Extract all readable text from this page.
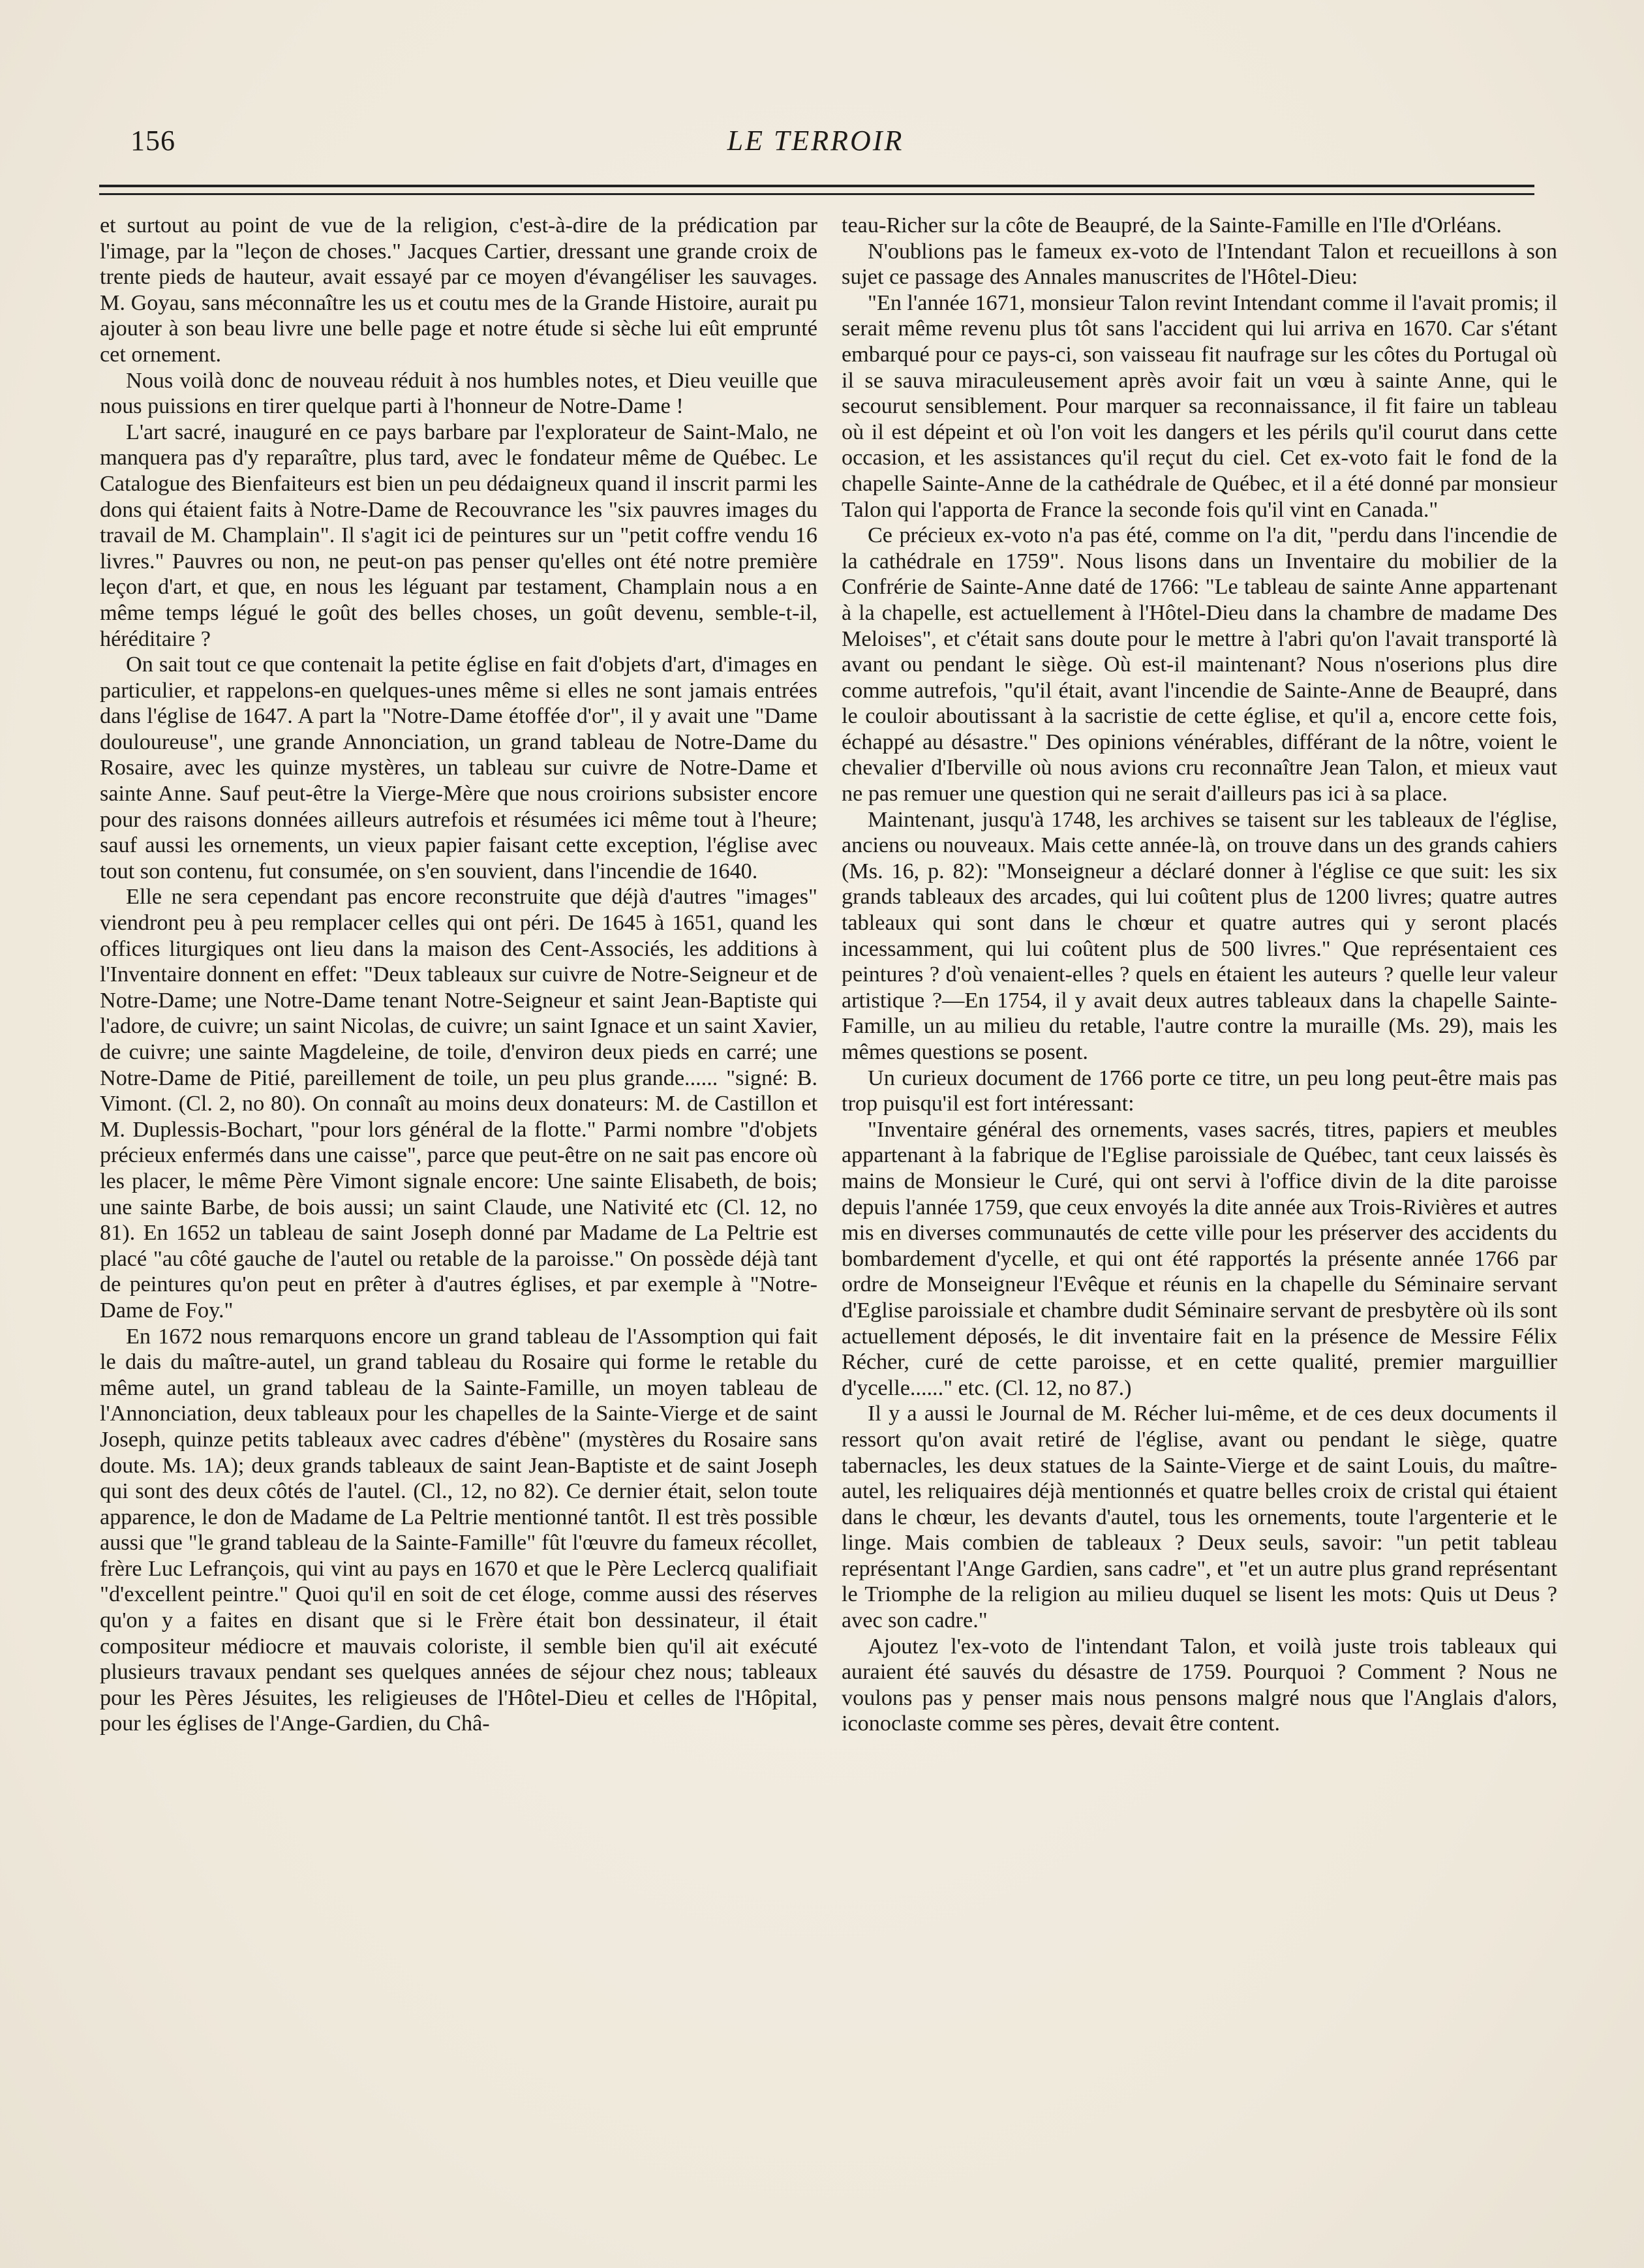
156	LE TERROIR

et surtout au point de vue de la religion, c'est-à-dire de la prédication par l'image, par la "leçon de choses." Jacques Cartier, dressant une grande croix de trente pieds de hauteur, avait essayé par ce moyen d'évangéliser les sauvages. M. Goyau, sans méconnaître les us et coutu mes de la Grande Histoire, aurait pu ajouter à son beau livre une belle page et notre étude si sèche lui eût emprunté cet ornement.

Nous voilà donc de nouveau réduit à nos humbles notes, et Dieu veuille que nous puissions en tirer quelque parti à l'honneur de Notre-Dame !

L'art sacré, inauguré en ce pays barbare par l'explorateur de Saint-Malo, ne manquera pas d'y reparaître, plus tard, avec le fondateur même de Québec. Le Catalogue des Bienfaiteurs est bien un peu dédaigneux quand il inscrit parmi les dons qui étaient faits à Notre-Dame de Recouvrance les "six pauvres images du travail de M. Champlain". Il s'agit ici de peintures sur un "petit coffre vendu 16 livres." Pauvres ou non, ne peut-on pas penser qu'elles ont été notre première leçon d'art, et que, en nous les léguant par testament, Champlain nous a en même temps légué le goût des belles choses, un goût devenu, semble-t-il, héréditaire ?

On sait tout ce que contenait la petite église en fait d'objets d'art, d'images en particulier, et rappelons-en quelques-unes même si elles ne sont jamais entrées dans l'église de 1647. A part la "Notre-Dame étoffée d'or", il y avait une "Dame douloureuse", une grande Annonciation, un grand tableau de Notre-Dame du Rosaire, avec les quinze mystères, un tableau sur cuivre de Notre-Dame et sainte Anne. Sauf peut-être la Vierge-Mère que nous croirions subsister encore pour des raisons données ailleurs autrefois et résumées ici même tout à l'heure; sauf aussi les ornements, un vieux papier faisant cette exception, l'église avec tout son contenu, fut consumée, on s'en souvient, dans l'incendie de 1640.

Elle ne sera cependant pas encore reconstruite que déjà d'autres "images" viendront peu à peu remplacer celles qui ont péri. De 1645 à 1651, quand les offices liturgiques ont lieu dans la maison des Cent-Associés, les additions à l'Inventaire donnent en effet: "Deux tableaux sur cuivre de Notre-Seigneur et de Notre-Dame; une Notre-Dame tenant Notre-Seigneur et saint Jean-Baptiste qui l'adore, de cuivre; un saint Nicolas, de cuivre; un saint Ignace et un saint Xavier, de cuivre; une sainte Magdeleine, de toile, d'environ deux pieds en carré; une Notre-Dame de Pitié, pareillement de toile, un peu plus grande...... "signé: B. Vimont. (Cl. 2, no 80). On connaît au moins deux donateurs: M. de Castillon et M. Duplessis-Bochart, "pour lors général de la flotte." Parmi nombre "d'objets précieux enfermés dans une caisse", parce que peut-être on ne sait pas encore où les placer, le même Père Vimont signale encore: Une sainte Elisabeth, de bois; une sainte Barbe, de bois aussi; un saint Claude, une Nativité etc (Cl. 12, no 81). En 1652 un tableau de saint Joseph donné par Madame de La Peltrie est placé "au côté gauche de l'autel ou retable de la paroisse." On possède déjà tant de peintures qu'on peut en prêter à d'autres églises, et par exemple à "Notre-Dame de Foy."

En 1672 nous remarquons encore un grand tableau de l'Assomption qui fait le dais du maître-autel, un grand tableau du Rosaire qui forme le retable du même autel, un grand tableau de la Sainte-Famille, un moyen tableau de l'Annonciation, deux tableaux pour les chapelles de la Sainte-Vierge et de saint Joseph, quinze petits tableaux avec cadres d'ébène" (mystères du Rosaire sans doute. Ms. 1A); deux grands tableaux de saint Jean-Baptiste et de saint Joseph qui sont des deux côtés de l'autel. (Cl., 12, no 82). Ce dernier était, selon toute apparence, le don de Madame de La Peltrie mentionné tantôt. Il est très possible aussi que "le grand tableau de la Sainte-Famille" fût l'œuvre du fameux récollet, frère Luc Lefrançois, qui vint au pays en 1670 et que le Père Leclercq qualifiait "d'excellent peintre." Quoi qu'il en soit de cet éloge, comme aussi des réserves qu'on y a faites en disant que si le Frère était bon dessinateur, il était compositeur médiocre et mauvais coloriste, il semble bien qu'il ait exécuté plusieurs travaux pendant ses quelques années de séjour chez nous; tableaux pour les Pères Jésuites, les religieuses de l'Hôtel-Dieu et celles de l'Hôpital, pour les églises de l'Ange-Gardien, du Châ-

teau-Richer sur la côte de Beaupré, de la Sainte-Famille en l'Ile d'Orléans.

N'oublions pas le fameux ex-voto de l'Intendant Talon et recueillons à son sujet ce passage des Annales manuscrites de l'Hôtel-Dieu:

"En l'année 1671, monsieur Talon revint Intendant comme il l'avait promis; il serait même revenu plus tôt sans l'accident qui lui arriva en 1670. Car s'étant embarqué pour ce pays-ci, son vaisseau fit naufrage sur les côtes du Portugal où il se sauva miraculeusement après avoir fait un vœu à sainte Anne, qui le secourut sensiblement. Pour marquer sa reconnaissance, il fit faire un tableau où il est dépeint et où l'on voit les dangers et les périls qu'il courut dans cette occasion, et les assistances qu'il reçut du ciel. Cet ex-voto fait le fond de la chapelle Sainte-Anne de la cathédrale de Québec, et il a été donné par monsieur Talon qui l'apporta de France la seconde fois qu'il vint en Canada."

Ce précieux ex-voto n'a pas été, comme on l'a dit, "perdu dans l'incendie de la cathédrale en 1759". Nous lisons dans un Inventaire du mobilier de la Confrérie de Sainte-Anne daté de 1766: "Le tableau de sainte Anne appartenant à la chapelle, est actuellement à l'Hôtel-Dieu dans la chambre de madame Des Meloises", et c'était sans doute pour le mettre à l'abri qu'on l'avait transporté là avant ou pendant le siège. Où est-il maintenant? Nous n'oserions plus dire comme autrefois, "qu'il était, avant l'incendie de Sainte-Anne de Beaupré, dans le couloir aboutissant à la sacristie de cette église, et qu'il a, encore cette fois, échappé au désastre." Des opinions vénérables, différant de la nôtre, voient le chevalier d'Iberville où nous avions cru reconnaître Jean Talon, et mieux vaut ne pas remuer une question qui ne serait d'ailleurs pas ici à sa place.

Maintenant, jusqu'à 1748, les archives se taisent sur les tableaux de l'église, anciens ou nouveaux. Mais cette année-là, on trouve dans un des grands cahiers (Ms. 16, p. 82): "Monseigneur a déclaré donner à l'église ce que suit: les six grands tableaux des arcades, qui lui coûtent plus de 1200 livres; quatre autres tableaux qui sont dans le chœur et quatre autres qui y seront placés incessamment, qui lui coûtent plus de 500 livres." Que représentaient ces peintures ? d'où venaient-elles ? quels en étaient les auteurs ? quelle leur valeur artistique ?—En 1754, il y avait deux autres tableaux dans la chapelle Sainte-Famille, un au milieu du retable, l'autre contre la muraille (Ms. 29), mais les mêmes questions se posent.

Un curieux document de 1766 porte ce titre, un peu long peut-être mais pas trop puisqu'il est fort intéressant:

"Inventaire général des ornements, vases sacrés, titres, papiers et meubles appartenant à la fabrique de l'Eglise paroissiale de Québec, tant ceux laissés ès mains de Monsieur le Curé, qui ont servi à l'office divin de la dite paroisse depuis l'année 1759, que ceux envoyés la dite année aux Trois-Rivières et autres mis en diverses communautés de cette ville pour les préserver des accidents du bombardement d'ycelle, et qui ont été rapportés la présente année 1766 par ordre de Monseigneur l'Evêque et réunis en la chapelle du Séminaire servant d'Eglise paroissiale et chambre dudit Séminaire servant de presbytère où ils sont actuellement déposés, le dit inventaire fait en la présence de Messire Félix Récher, curé de cette paroisse, et en cette qualité, premier marguillier d'ycelle......" etc. (Cl. 12, no 87.)

Il y a aussi le Journal de M. Récher lui-même, et de ces deux documents il ressort qu'on avait retiré de l'église, avant ou pendant le siège, quatre tabernacles, les deux statues de la Sainte-Vierge et de saint Louis, du maître-autel, les reliquaires déjà mentionnés et quatre belles croix de cristal qui étaient dans le chœur, les devants d'autel, tous les ornements, toute l'argenterie et le linge. Mais combien de tableaux ? Deux seuls, savoir: "un petit tableau représentant l'Ange Gardien, sans cadre", et "et un autre plus grand représentant le Triomphe de la religion au milieu duquel se lisent les mots: Quis ut Deus ? avec son cadre."

Ajoutez l'ex-voto de l'intendant Talon, et voilà juste trois tableaux qui auraient été sauvés du désastre de 1759. Pourquoi ? Comment ? Nous ne voulons pas y penser mais nous pensons malgré nous que l'Anglais d'alors, iconoclaste comme ses pères, devait être content.
